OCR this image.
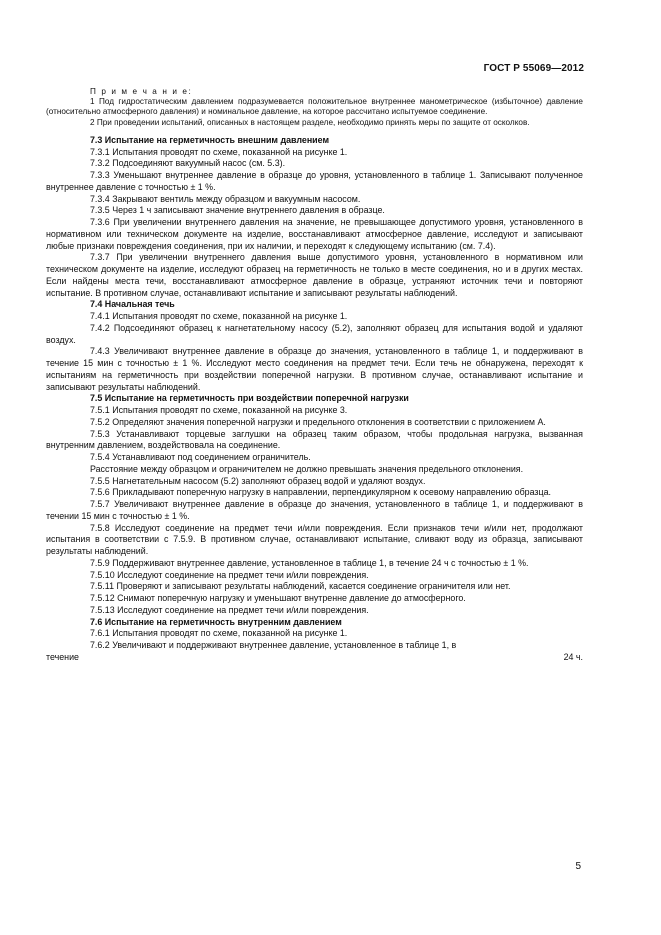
ГОСТ Р 55069—2012

П р и м е ч а н и е:

1 Под гидростатическим давлением подразумевается положительное внутреннее манометрическое (избыточное) давление (относительно атмосферного давления) и номинальное давление, на которое рассчитано испытуемое соединение.

2 При проведении испытаний, описанных в настоящем разделе, необходимо принять меры по защите от осколков.

7.3 Испытание на герметичность внешним давлением

7.3.1 Испытания проводят по схеме, показанной на рисунке 1.

7.3.2 Подсоединяют вакуумный насос (см. 5.3).

7.3.3 Уменьшают внутреннее давление в образце до уровня, установленного в таблице 1. Записывают полученное внутреннее давление с точностью ± 1 %.

7.3.4 Закрывают вентиль между образцом и вакуумным насосом.

7.3.5 Через 1 ч записывают значение внутреннего давления в образце.

7.3.6 При увеличении внутреннего давления на значение, не превышающее допустимого уровня, установленного в нормативном или техническом документе на изделие, восстанавливают атмосферное давление, исследуют и записывают любые признаки повреждения соединения, при их наличии, и переходят к следующему испытанию (см. 7.4).

7.3.7 При увеличении внутреннего давления выше допустимого уровня, установленного в нормативном или техническом документе на изделие, исследуют образец на герметичность не только в месте соединения, но и в других местах. Если найдены места течи, восстанавливают атмосферное давление в образце, устраняют источник течи и повторяют испытание. В противном случае, останавливают испытание и записывают результаты наблюдений.

7.4 Начальная течь

7.4.1 Испытания проводят по схеме, показанной на рисунке 1.

7.4.2 Подсоединяют образец к нагнетательному насосу (5.2), заполняют образец для испытания водой и удаляют воздух.

7.4.3 Увеличивают внутреннее давление в образце до значения, установленного в таблице 1, и поддерживают в течение 15 мин с точностью ± 1 %. Исследуют место соединения на предмет течи. Если течь не обнаружена, переходят к испытаниям на герметичность при воздействии поперечной нагрузки. В противном случае, останавливают испытание и записывают результаты наблюдений.

7.5 Испытание на герметичность при воздействии поперечной нагрузки

7.5.1 Испытания проводят по схеме, показанной на рисунке 3.

7.5.2 Определяют значения поперечной нагрузки и предельного отклонения в соответствии с приложением А.

7.5.3 Устанавливают торцевые заглушки на образец таким образом, чтобы продольная нагрузка, вызванная внутренним давлением, воздействовала на соединение.

7.5.4 Устанавливают под соединением ограничитель.

Расстояние между образцом и ограничителем не должно превышать значения предельного отклонения.

7.5.5 Нагнетательным насосом (5.2) заполняют образец водой и удаляют воздух.

7.5.6 Прикладывают поперечную нагрузку в направлении, перпендикулярном к осевому направлению образца.

7.5.7 Увеличивают внутреннее давление в образце до значения, установленного в таблице 1, и поддерживают в течении 15 мин с точностью ± 1 %.

7.5.8 Исследуют соединение на предмет течи и/или повреждения. Если признаков течи и/или нет, продолжают испытания в соответствии с 7.5.9. В противном случае, останавливают испытание, сливают воду из образца, записывают результаты наблюдений.

7.5.9 Поддерживают внутреннее давление, установленное в таблице 1, в течение 24 ч с точностью ± 1 %.

7.5.10 Исследуют соединение на предмет течи и/или повреждения.

7.5.11 Проверяют и записывают результаты наблюдений, касается соединение ограничителя или нет.

7.5.12 Снимают поперечную нагрузку и уменьшают внутренне давление до атмосферного.

7.5.13 Исследуют соединение на предмет течи и/или повреждения.

7.6 Испытание на герметичность внутренним давлением

7.6.1 Испытания проводят по схеме, показанной на рисунке 1.

7.6.2 Увеличивают и поддерживают внутреннее давление, установленное в таблице 1, в

течение	24 ч.
5
